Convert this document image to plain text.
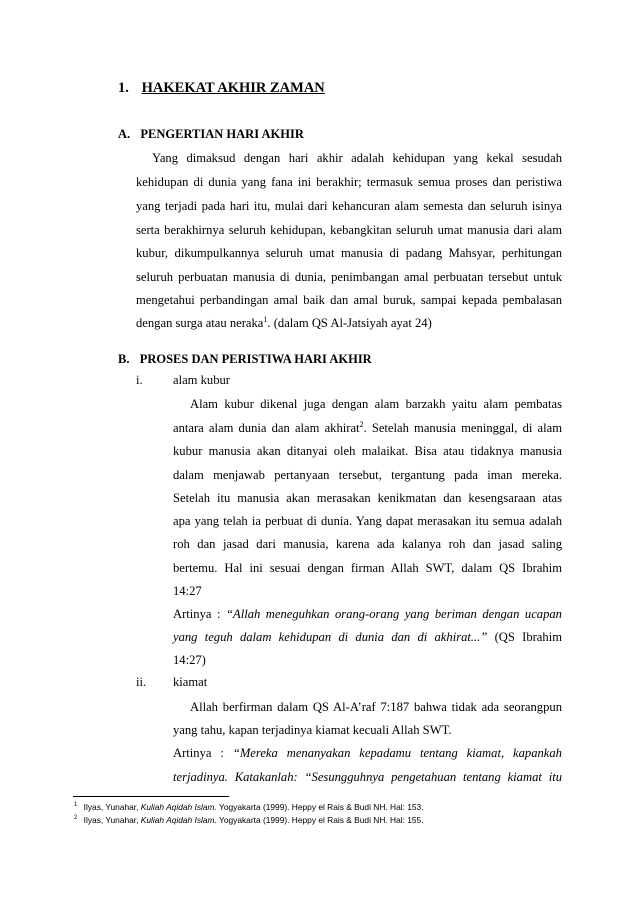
1. HAKEKAT AKHIR ZAMAN
A. PENGERTIAN HARI AKHIR
Yang dimaksud dengan hari akhir adalah kehidupan yang kekal sesudah
kehidupan di dunia yang fana ini berakhir; termasuk semua proses dan peristiwa
yang terjadi pada hari itu, mulai dari kehancuran alam semesta dan seluruh isinya
serta berakhirnya seluruh kehidupan, kebangkitan seluruh umat manusia dari alam
kubur, dikumpulkannya seluruh umat manusia di padang Mahsyar, perhitungan
seluruh perbuatan manusia di dunia, penimbangan amal perbuatan tersebut untuk
mengetahui perbandingan amal baik dan amal buruk, sampai kepada pembalasan
dengan surga atau neraka$^1$. (dalam QS Al-Jatsiyah ayat 24)
B. PROSES DAN PERISTIWA HARI AKHIR
i. alam kubur
Alam kubur dikenal juga dengan alam barzakh yaitu alam pembatas
antara alam dunia dan alam akhirat$^2$. Setelah manusia meninggal, di alam
kubur manusia akan ditanyai oleh malaikat. Bisa atau tidaknya manusia
dalam menjawab pertanyaan tersebut, tergantung pada iman mereka.
Setelah itu manusia akan merasakan kenikmatan dan kesengsaraan atas
apa yang telah ia perbuat di dunia. Yang dapat merasakan itu semua adalah
roh dan jasad dari manusia, karena ada kalanya roh dan jasad saling
bertemu. Hal ini sesuai dengan firman Allah SWT, dalam QS Ibrahim
14:27
Artinya : “Allah meneguhkan orang-orang yang beriman dengan ucapan
yang teguh dalam kehidupan di dunia dan di akhirat...” (QS Ibrahim
14:27)
ii. kiamat
Allah berfirman dalam QS Al-A’raf 7:187 bahwa tidak ada seorangpun
yang tahu, kapan terjadinya kiamat kecuali Allah SWT.
Artinya : “Mereka menanyakan kepadamu tentang kiamat, kapankah
terjadinya. Katakanlah: “Sesungguhnya pengetahuan tentang kiamat itu
$^1$ Ilyas, Yunahar, Kuliah Aqidah Islam. Yogyakarta (1999). Heppy el Rais & Budi NH. Hal: 153.
$^2$ Ilyas, Yunahar, Kuliah Aqidah Islam. Yogyakarta (1999). Heppy el Rais & Budi NH. Hal: 155.
